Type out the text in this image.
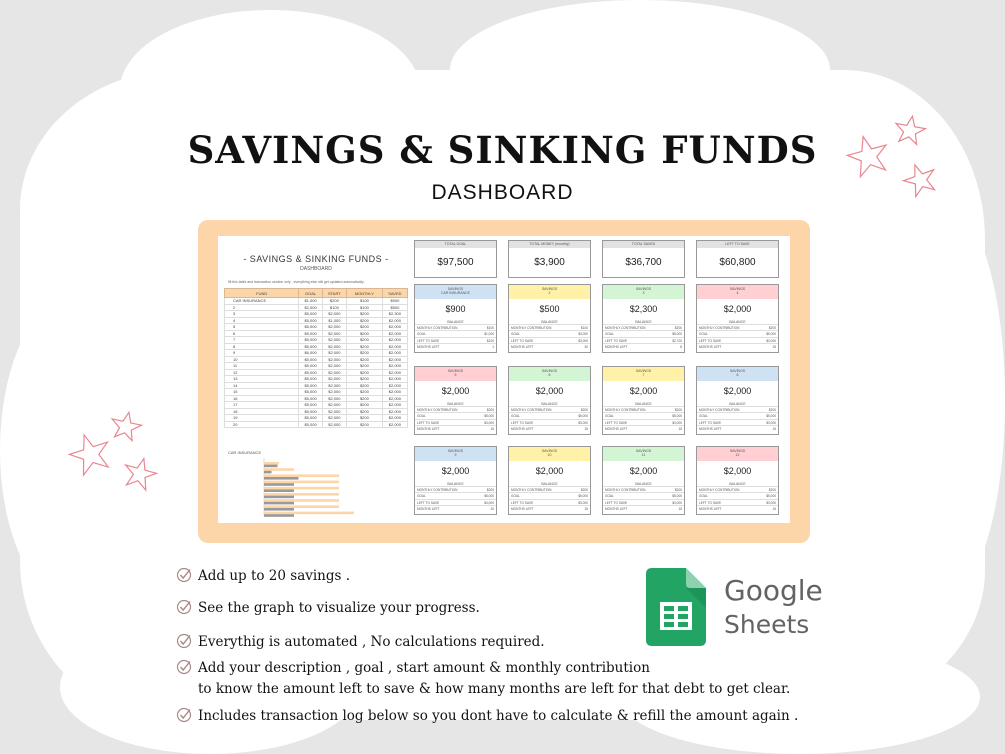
SAVINGS & SINKING FUNDS
DASHBOARD
- SAVINGS & SINKING FUNDS -
DASHBOARD
fill this table and transaction section only , everything else will get updated automatically
FUND	GOAL	START	MONTHLY	SAVED
CAR INSURANCE	$1,000	$200	$100	$900
2	$2,000	$100	$100	$500
3	$5,000	$2,000	$200	$2,300
4	$5,000	$1,000	$200	$2,000
5	$5,000	$2,000	$200	$2,000
6	$5,000	$2,000	$200	$2,000
7	$5,000	$2,000	$200	$2,000
8	$5,000	$2,000	$200	$2,000
9	$6,000	$2,000	$200	$2,000
10	$5,000	$2,000	$200	$2,000
11	$5,000	$2,000	$200	$2,000
12	$5,000	$2,000	$200	$2,000
13	$5,000	$2,000	$200	$2,000
14	$5,000	$2,000	$200	$2,000
15	$5,000	$2,000	$200	$2,000
16	$5,000	$2,000	$200	$2,000
17	$5,000	$2,000	$200	$2,000
18	$5,000	$2,000	$200	$2,000
19	$5,000	$2,000	$200	$2,000
20	$5,000	$2,000	$200	$2,000
CAR INSURANCE
TOTAL GOAL
$97,500
TOTAL MONEY (monthly)
$3,900
TOTAL SAVED
$36,700
LEFT TO SAVE
$60,800
SAVINGS
CAR INSURANCE
$900
BALANCE
MONTHLY CONTRIBUTION	$100
GOAL	$1,000
LEFT TO SAVE	$100
MONTHS LEFT	1
SAVINGS
2
$500
BALANCE
MONTHLY CONTRIBUTION	$100
GOAL	$3,000
LEFT TO SAVE	$3,000
MONTHS LEFT	30
SAVINGS
3
$2,300
BALANCE
MONTHLY CONTRIBUTION	$200
GOAL	$5,000
LEFT TO SAVE	$2,700
MONTHS LEFT	8
SAVINGS
4
$2,000
BALANCE
MONTHLY CONTRIBUTION	$200
GOAL	$5,000
LEFT TO SAVE	$3,000
MONTHS LEFT	15
SAVINGS
5
$2,000
BALANCE
MONTHLY CONTRIBUTION	$200
GOAL	$5,000
LEFT TO SAVE	$3,000
MONTHS LEFT	15
SAVINGS
6
$2,000
BALANCE
MONTHLY CONTRIBUTION	$200
GOAL	$5,000
LEFT TO SAVE	$3,000
MONTHS LEFT	15
SAVINGS
7
$2,000
BALANCE
MONTHLY CONTRIBUTION	$200
GOAL	$5,000
LEFT TO SAVE	$3,000
MONTHS LEFT	15
SAVINGS
8
$2,000
BALANCE
MONTHLY CONTRIBUTION	$200
GOAL	$5,000
LEFT TO SAVE	$3,000
MONTHS LEFT	15
SAVINGS
9
$2,000
BALANCE
MONTHLY CONTRIBUTION	$200
GOAL	$6,000
LEFT TO SAVE	$4,000
MONTHS LEFT	20
SAVINGS
10
$2,000
BALANCE
MONTHLY CONTRIBUTION	$200
GOAL	$5,000
LEFT TO SAVE	$3,000
MONTHS LEFT	15
SAVINGS
11
$2,000
BALANCE
MONTHLY CONTRIBUTION	$200
GOAL	$5,000
LEFT TO SAVE	$3,000
MONTHS LEFT	15
SAVINGS
12
$2,000
BALANCE
MONTHLY CONTRIBUTION	$200
GOAL	$5,000
LEFT TO SAVE	$3,000
MONTHS LEFT	15
Add up to 20 savings .
See the graph to visualize your progress.
Everythig is automated , No calculations required.
Add your description , goal , start amount & monthly contribution
to know the amount left to save & how many months are left for that debt to get clear.
Includes transaction log below so you dont have to calculate & refill the amount again .
Google
Sheets
